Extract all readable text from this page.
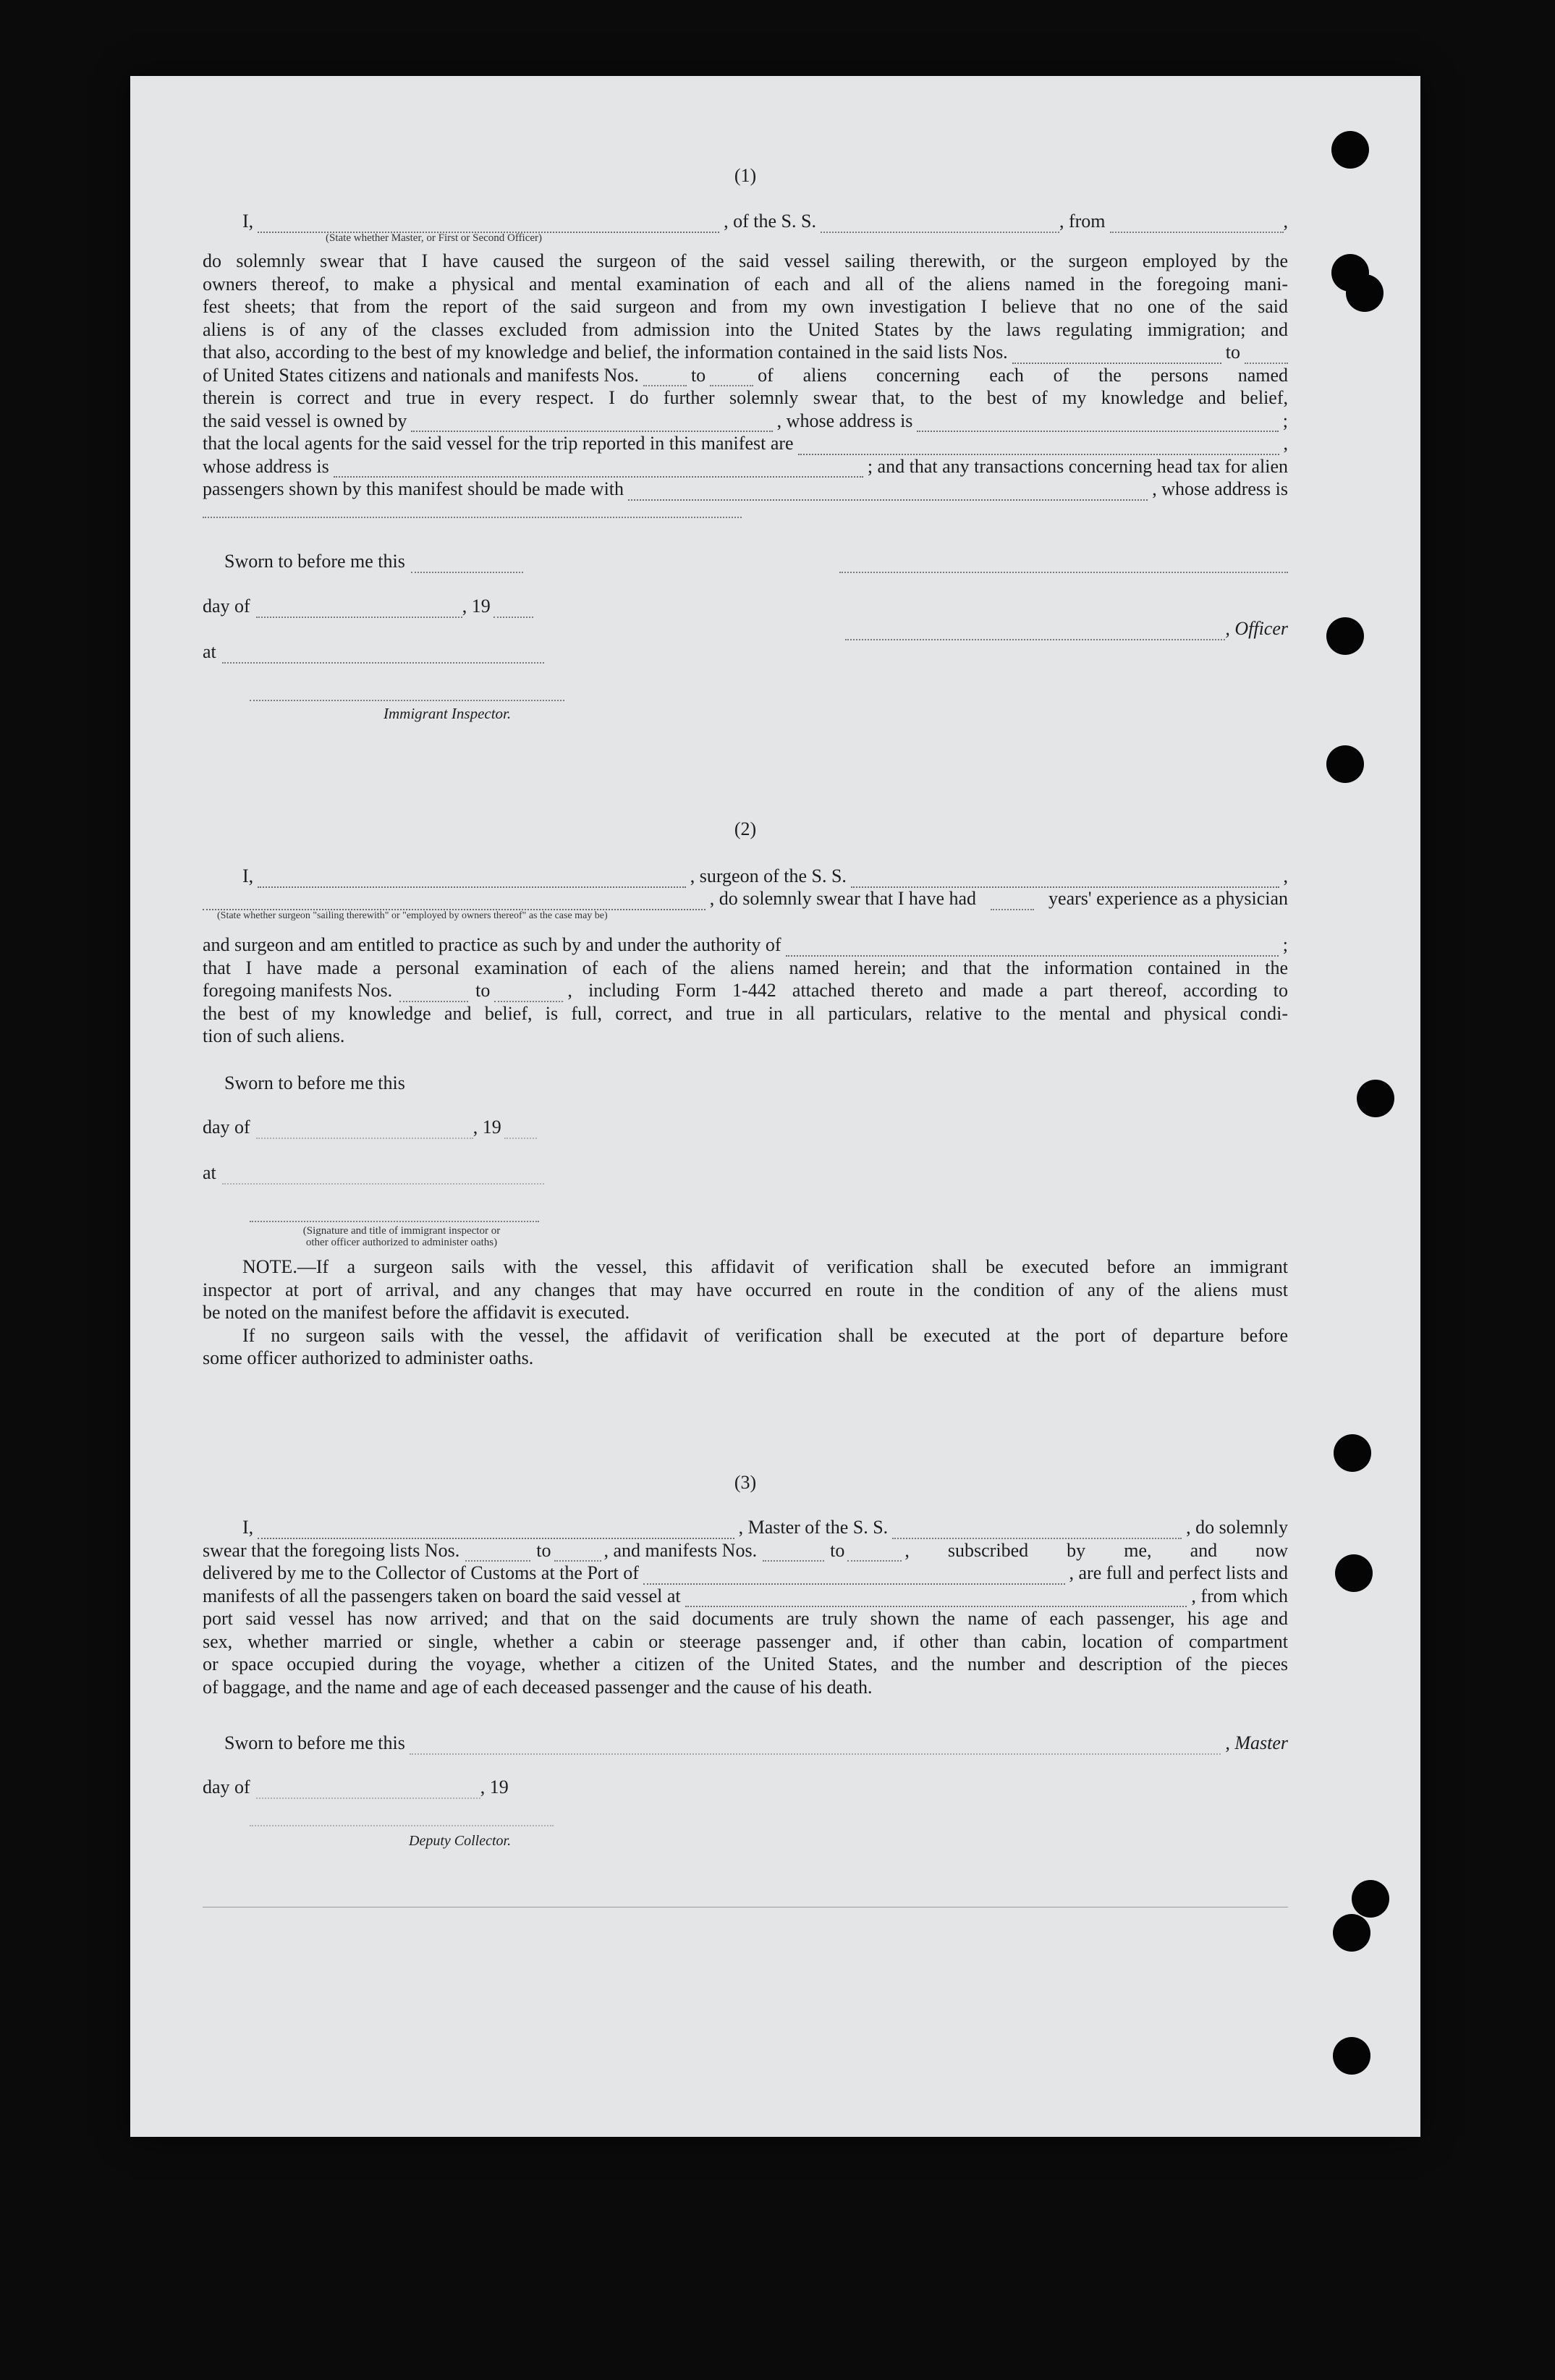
(1)
I,	, of the S. S.	, from	,
(State whether Master, or First or Second Officer)

do solemnly swear that I have caused the surgeon of the said vessel sailing therewith, or the surgeon employed by the

owners thereof, to make a physical and mental examination of each and all of the aliens named in the foregoing mani-

fest sheets; that from the report of the said surgeon and from my own investigation I believe that no one of the said

aliens is of any of the classes excluded from admission into the United States by the laws regulating immigration; and

that also, according to the best of my knowledge and belief, the information contained in the said lists Nos.	to

of United States citizens and nationals and manifests Nos.	to	of aliens concerning each of the persons named

therein is correct and true in every respect. I do further solemnly swear that, to the best of my knowledge and belief,

the said vessel is owned by	, whose address is	;

that the local agents for the said vessel for the trip reported in this manifest are	,

whose address is	; and that any transactions concerning head tax for alien

passengers shown by this manifest should be made with	, whose address is

Sworn to before me this
day of	, 19
, Officer
at
Immigrant Inspector.
(2)
I,	, surgeon of the S. S.	,
, do solemnly swear that I have had	years' experience as a physician
(State whether surgeon "sailing therewith" or "employed by owners thereof" as the case may be)

and surgeon and am entitled to practice as such by and under the authority of	;

that I have made a personal examination of each of the aliens named herein; and that the information contained in the

foregoing manifests Nos.	to	, including Form 1-442 attached thereto and made a part thereof, according to

the best of my knowledge and belief, is full, correct, and true in all particulars, relative to the mental and physical condi-

tion of such aliens.

Sworn to before me this
day of	, 19
at
(Signature and title of immigrant inspector or
other officer authorized to administer oaths)

NOTE.—If a surgeon sails with the vessel, this affidavit of verification shall be executed before an immigrant

inspector at port of arrival, and any changes that may have occurred en route in the condition of any of the aliens must

be noted on the manifest before the affidavit is executed.

If no surgeon sails with the vessel, the affidavit of verification shall be executed at the port of departure before

some officer authorized to administer oaths.

(3)

I,	, Master of the S. S.	, do solemnly

swear that the foregoing lists Nos.	to	, and manifests Nos.	to	, subscribed by me, and now

delivered by me to the Collector of Customs at the Port of	, are full and perfect lists and

manifests of all the passengers taken on board the said vessel at	, from which

port said vessel has now arrived; and that on the said documents are truly shown the name of each passenger, his age and

sex, whether married or single, whether a cabin or steerage passenger and, if other than cabin, location of compartment

or space occupied during the voyage, whether a citizen of the United States, and the number and description of the pieces

of baggage, and the name and age of each deceased passenger and the cause of his death.

Sworn to before me this	, Master
day of	, 19
Deputy Collector.
